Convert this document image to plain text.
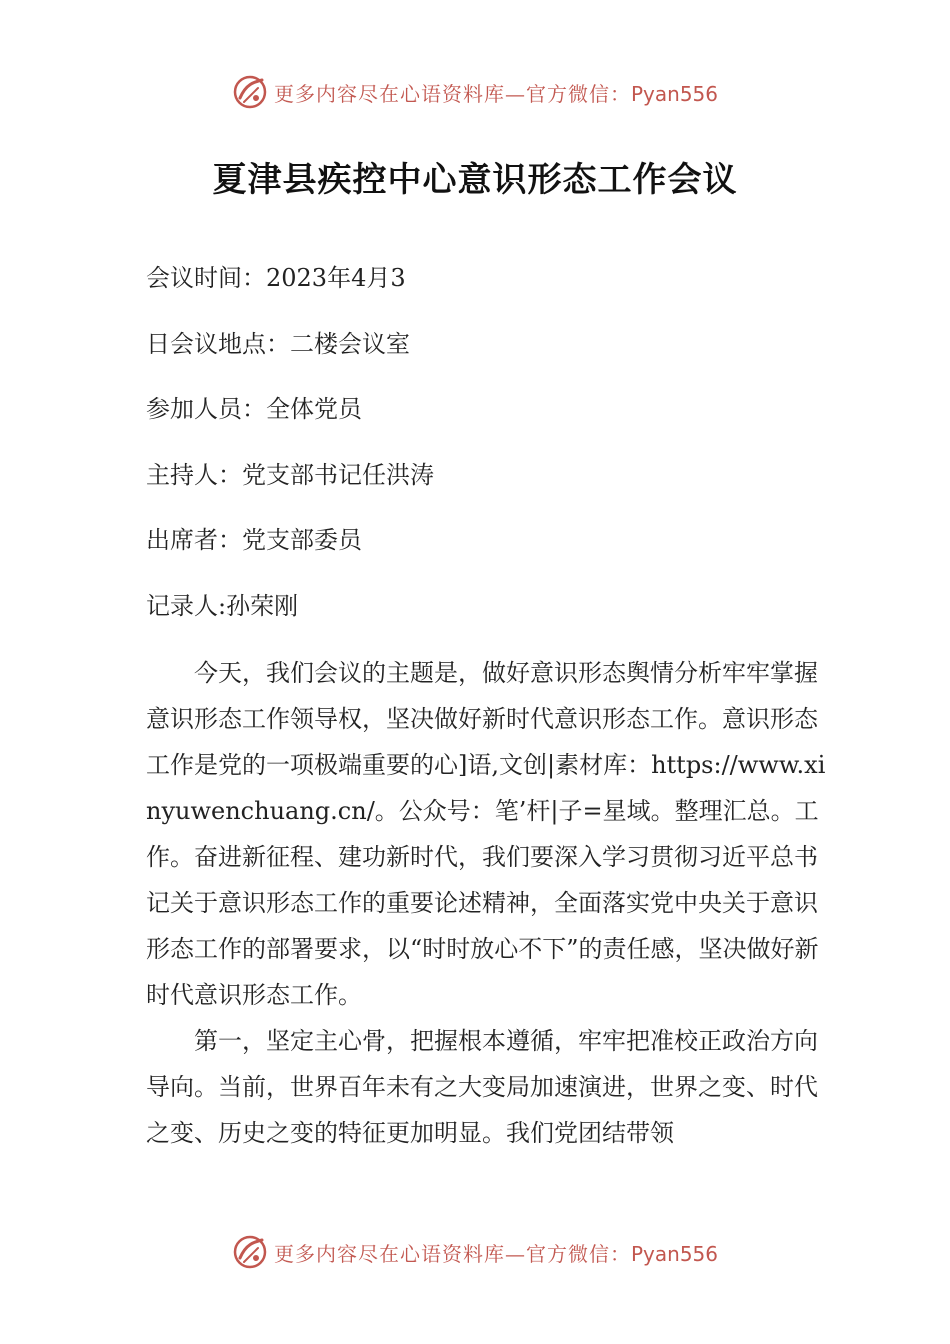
更多内容尽在心语资料库—官方微信：Pyan556
夏津县疾控中心意识形态工作会议
会议时间：2023年4月3
日会议地点：二楼会议室
参加人员：全体党员
主持人：党支部书记任洪涛
出席者：党支部委员
记录人:孙荣刚

今天，我们会议的主题是，做好意识形态舆情分析牢牢掌握意识形态工作领导权，坚决做好新时代意识形态工作。意识形态工作是党的一项极端重要的心]语,文创|素材库：https://www.xinyuwenchuang.cn/。公众号：笔’杆|子=星域。整理汇总。工作。奋进新征程、建功新时代，我们要深入学习贯彻习近平总书记关于意识形态工作的重要论述精神，全面落实党中央关于意识形态工作的部署要求，以“时时放心不下”的责任感，坚决做好新时代意识形态工作。

第一，坚定主心骨，把握根本遵循，牢牢把准校正政治方向导向。当前，世界百年未有之大变局加速演进，世界之变、时代之变、历史之变的特征更加明显。我们党团结带领

更多内容尽在心语资料库—官方微信：Pyan556
